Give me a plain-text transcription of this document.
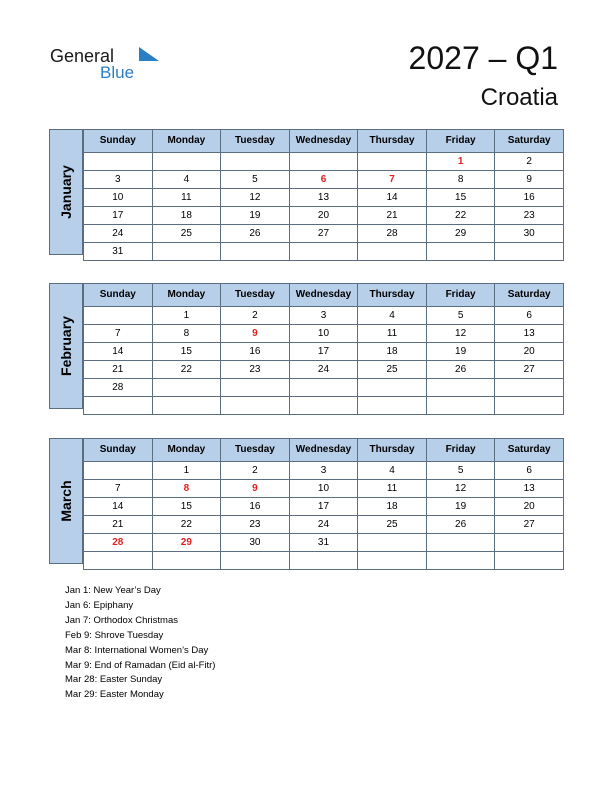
General
Blue	2027 – Q1
Croatia
January
Sunday	Monday	Tuesday	Wednesday	Thursday	Friday	Saturday
					1	2
3	4	5	6	7	8	9
10	11	12	13	14	15	16
17	18	19	20	21	22	23
24	25	26	27	28	29	30
31						
February
Sunday	Monday	Tuesday	Wednesday	Thursday	Friday	Saturday
	1	2	3	4	5	6
7	8	9	10	11	12	13
14	15	16	17	18	19	20
21	22	23	24	25	26	27
28						

March
Sunday	Monday	Tuesday	Wednesday	Thursday	Friday	Saturday
	1	2	3	4	5	6
7	8	9	10	11	12	13
14	15	16	17	18	19	20
21	22	23	24	25	26	27
28	29	30	31			

Jan 1: New Year’s Day
Jan 6: Epiphany
Jan 7: Orthodox Christmas
Feb 9: Shrove Tuesday
Mar 8: International Women’s Day
Mar 9: End of Ramadan (Eid al-Fitr)
Mar 28: Easter Sunday
Mar 29: Easter Monday
